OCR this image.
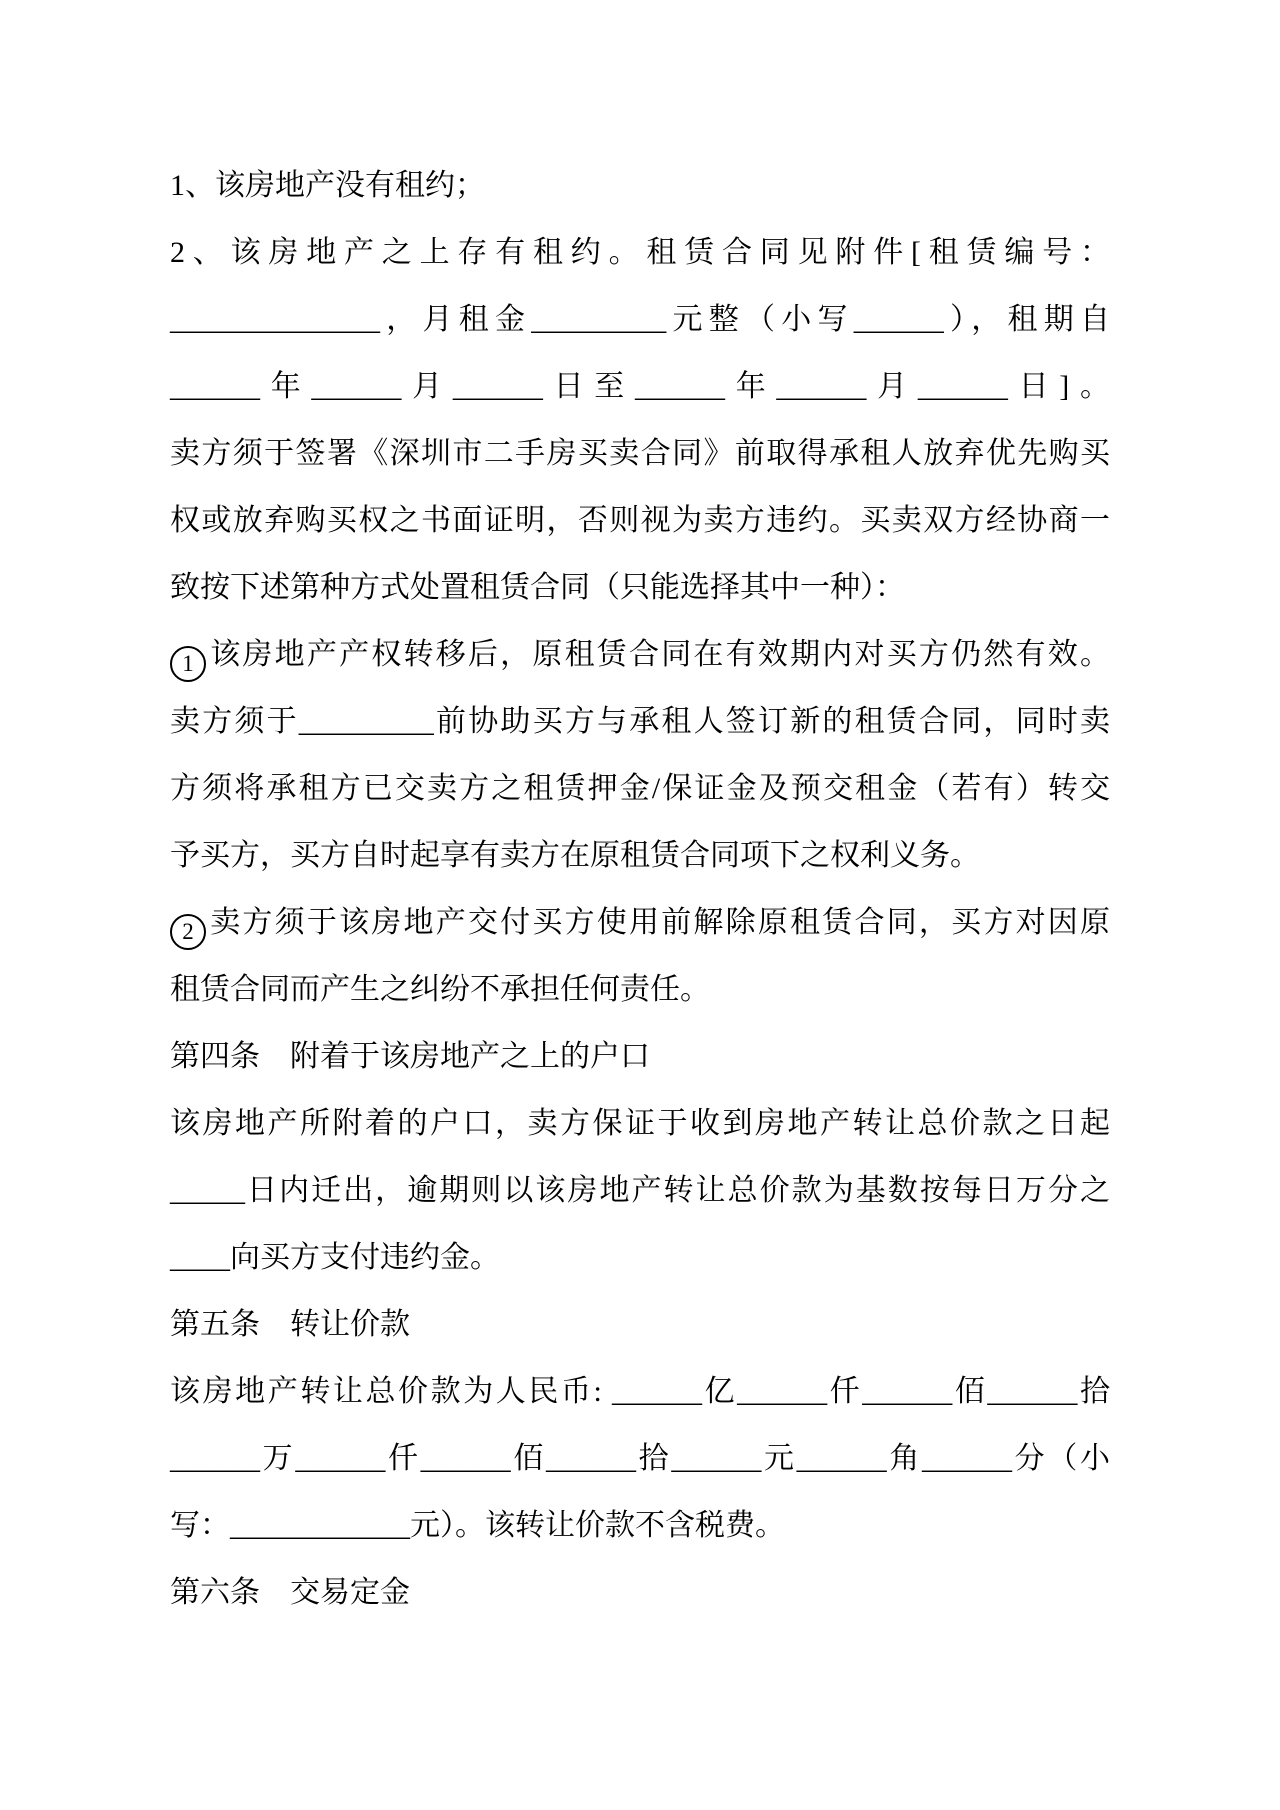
1、该房地产没有租约；
2、该房地产之上存有租约。租赁合同见附件[租赁编号：
______________，月租金_________元整（小写______），租期自
______年______月______日至______年______月______日]。
卖方须于签署《深圳市二手房买卖合同》前取得承租人放弃优先购买
权或放弃购买权之书面证明，否则视为卖方违约。买卖双方经协商一
致按下述第种方式处置租赁合同（只能选择其中一种）：
1 该房地产产权转移后，原租赁合同在有效期内对买方仍然有效。
卖方须于_________前协助买方与承租人签订新的租赁合同，同时卖
方须将承租方已交卖方之租赁押金/保证金及预交租金（若有）转交
予买方，买方自时起享有卖方在原租赁合同项下之权利义务。
2 卖方须于该房地产交付买方使用前解除原租赁合同，买方对因原
租赁合同而产生之纠纷不承担任何责任。
第四条　附着于该房地产之上的户口
该房地产所附着的户口，卖方保证于收到房地产转让总价款之日起
_____日内迁出，逾期则以该房地产转让总价款为基数按每日万分之
____向买方支付违约金。
第五条　转让价款
该房地产转让总价款为人民币: ______亿______仟______佰______拾
______万______仟______佰______拾______元______角______分（小
写：____________元）。该转让价款不含税费。
第六条　交易定金
